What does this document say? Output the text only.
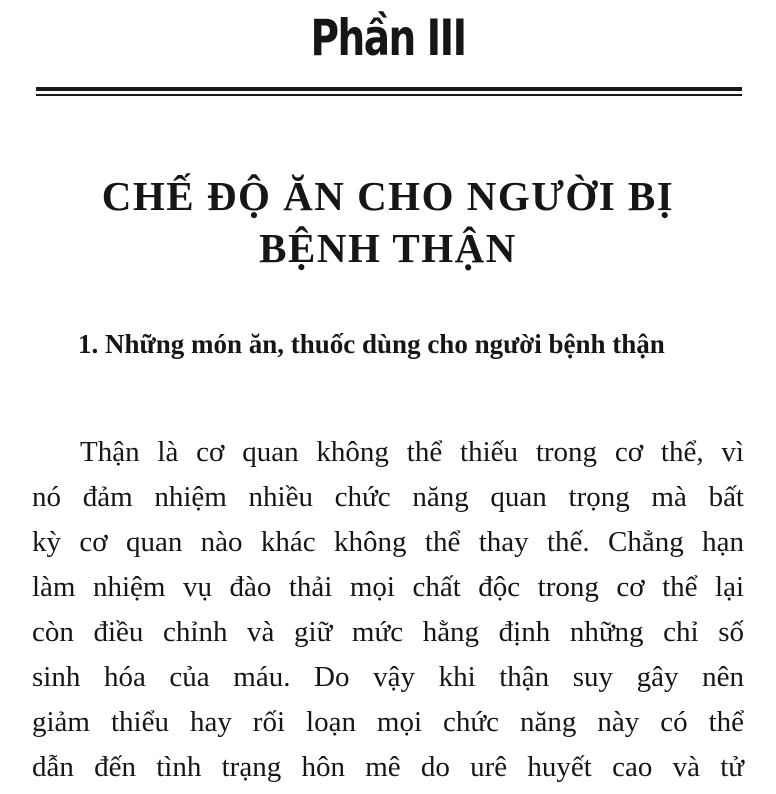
Phần III
CHẾ ĐỘ ĂN CHO NGƯỜI BỊ
BỆNH THẬN
1. Những món ăn, thuốc dùng cho người bệnh thận

Thận là cơ quan không thể thiếu trong cơ thể, vì
nó đảm nhiệm nhiều chức năng quan trọng mà bất
kỳ cơ quan nào khác không thể thay thế. Chẳng hạn
làm nhiệm vụ đào thải mọi chất độc trong cơ thể lại
còn điều chỉnh và giữ mức hằng định những chỉ số
sinh hóa của máu. Do vậy khi thận suy gây nên
giảm thiểu hay rối loạn mọi chức năng này có thể
dẫn đến tình trạng hôn mê do urê huyết cao và tử
